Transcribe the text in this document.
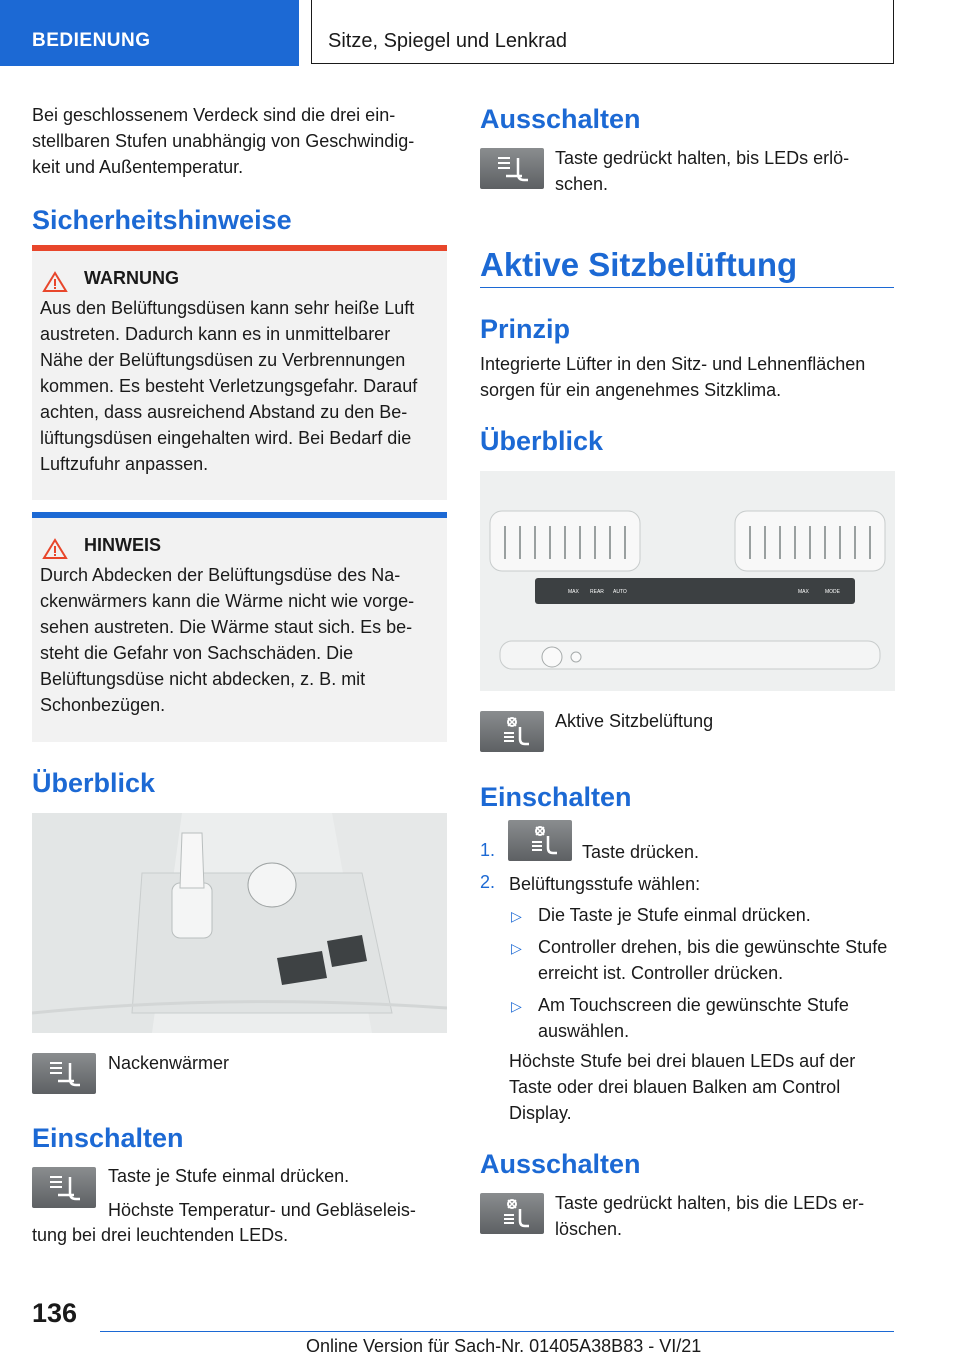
BEDIENUNG	Sitze, Spiegel und Lenkrad

Bei geschlossenem Verdeck sind die drei ein-stellbaren Stufen unabhängig von Geschwindig-keit und Außentemperatur.

Sicherheitshinweise
WARNUNG

Aus den Belüftungsdüsen kann sehr heiße Luft austreten. Dadurch kann es in unmittelbarer Nähe der Belüftungsdüsen zu Verbrennungen kommen. Es besteht Verletzungsgefahr. Darauf achten, dass ausreichend Abstand zu den Be-lüftungsdüsen eingehalten wird. Bei Bedarf die Luftzufuhr anpassen.

HINWEIS

Durch Abdecken der Belüftungsdüse des Na-ckenwärmers kann die Wärme nicht wie vorge-sehen austreten. Die Wärme staut sich. Es be-steht die Gefahr von Sachschäden. Die Belüftungsdüse nicht abdecken, z. B. mit Schonbezügen.

Überblick
Nackenwärmer
Einschalten
Taste je Stufe einmal drücken.
Höchste Temperatur- und Gebläseleis-
tung bei drei leuchtenden LEDs.
Ausschalten
Taste gedrückt halten, bis LEDs erlö-schen.
Aktive Sitzbelüftung
Prinzip
Integrierte Lüfter in den Sitz- und Lehnenflächen sorgen für ein angenehmes Sitzklima.
Überblick
MAX REAR AUTO	MAX	MODE
Aktive Sitzbelüftung
Einschalten
1.	Taste drücken.
2. Belüftungsstufe wählen:
▷ Die Taste je Stufe einmal drücken.
▷ Controller drehen, bis die gewünschte Stufe erreicht ist. Controller drücken.
▷ Am Touchscreen die gewünschte Stufe auswählen.
Höchste Stufe bei drei blauen LEDs auf der Taste oder drei blauen Balken am Control Display.
Ausschalten
Taste gedrückt halten, bis die LEDs er-löschen.
136
Online Version für Sach-Nr. 01405A38B83 - VI/21
